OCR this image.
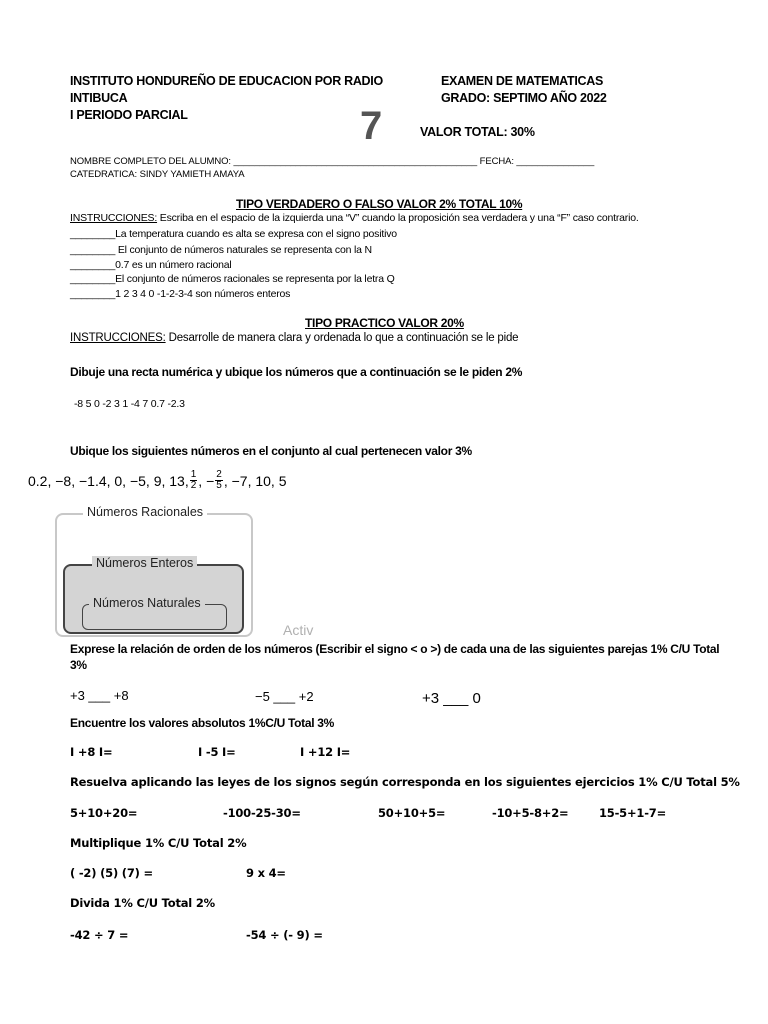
INSTITUTO HONDUREÑO DE EDUCACION POR RADIO
INTIBUCA
I PERIODO PARCIAL
EXAMEN DE MATEMATICAS
GRADO: SEPTIMO AÑO 2022
7	VALOR TOTAL: 30%
NOMBRE COMPLETO DEL ALUMNO: _______________________________________________ FECHA: _______________
CATEDRATICA: SINDY YAMIETH AMAYA
TIPO VERDADERO O FALSO VALOR 2% TOTAL 10%
INSTRUCCIONES: Escriba en el espacio de la izquierda una “V” cuando la proposición sea verdadera y una “F” caso contrario.
________La temperatura cuando es alta se expresa con el signo positivo
________ El conjunto de números naturales se representa con la N
________0.7 es un número racional
________El conjunto de números racionales se representa por la letra Q
________1 2 3 4 0 -1-2-3-4 son números enteros
TIPO PRACTICO VALOR 20%
INSTRUCCIONES: Desarrolle de manera clara y ordenada lo que a continuación se le pide
Dibuje una recta numérica y ubique los números que a continuación se le piden 2%
-8 5 0 -2 3 1 -4 7 0.7 -2.3
Ubique los siguientes números en el conjunto al cual pertenecen valor 3%
0.2, −8, −1.4, 0, −5, 9, 13, $\frac{1}{2}$ , − $\frac{2}{5}$ , −7, 10, 5
Números Racionales
Números Enteros
Números Naturales
Activ
Exprese la relación de orden de los números (Escribir el signo < o >) de cada una de las siguientes parejas 1% C/U Total
3%
+3 ___ +8	−5 ___ +2	+3 ___ 0
Encuentre los valores absolutos 1%C/U Total 3%
I +8 I=	I -5 I=	I +12 I=
Resuelva aplicando las leyes de los signos según corresponda en los siguientes ejercicios 1% C/U Total 5%
5+10+20=	-100-25-30=	50+10+5=	-10+5-8+2=	15-5+1-7=
Multiplique 1% C/U Total 2%
( -2) (5) (7) =	9 x 4=
Divida 1% C/U Total 2%
-42 ÷ 7 =	-54 ÷ (- 9) =
